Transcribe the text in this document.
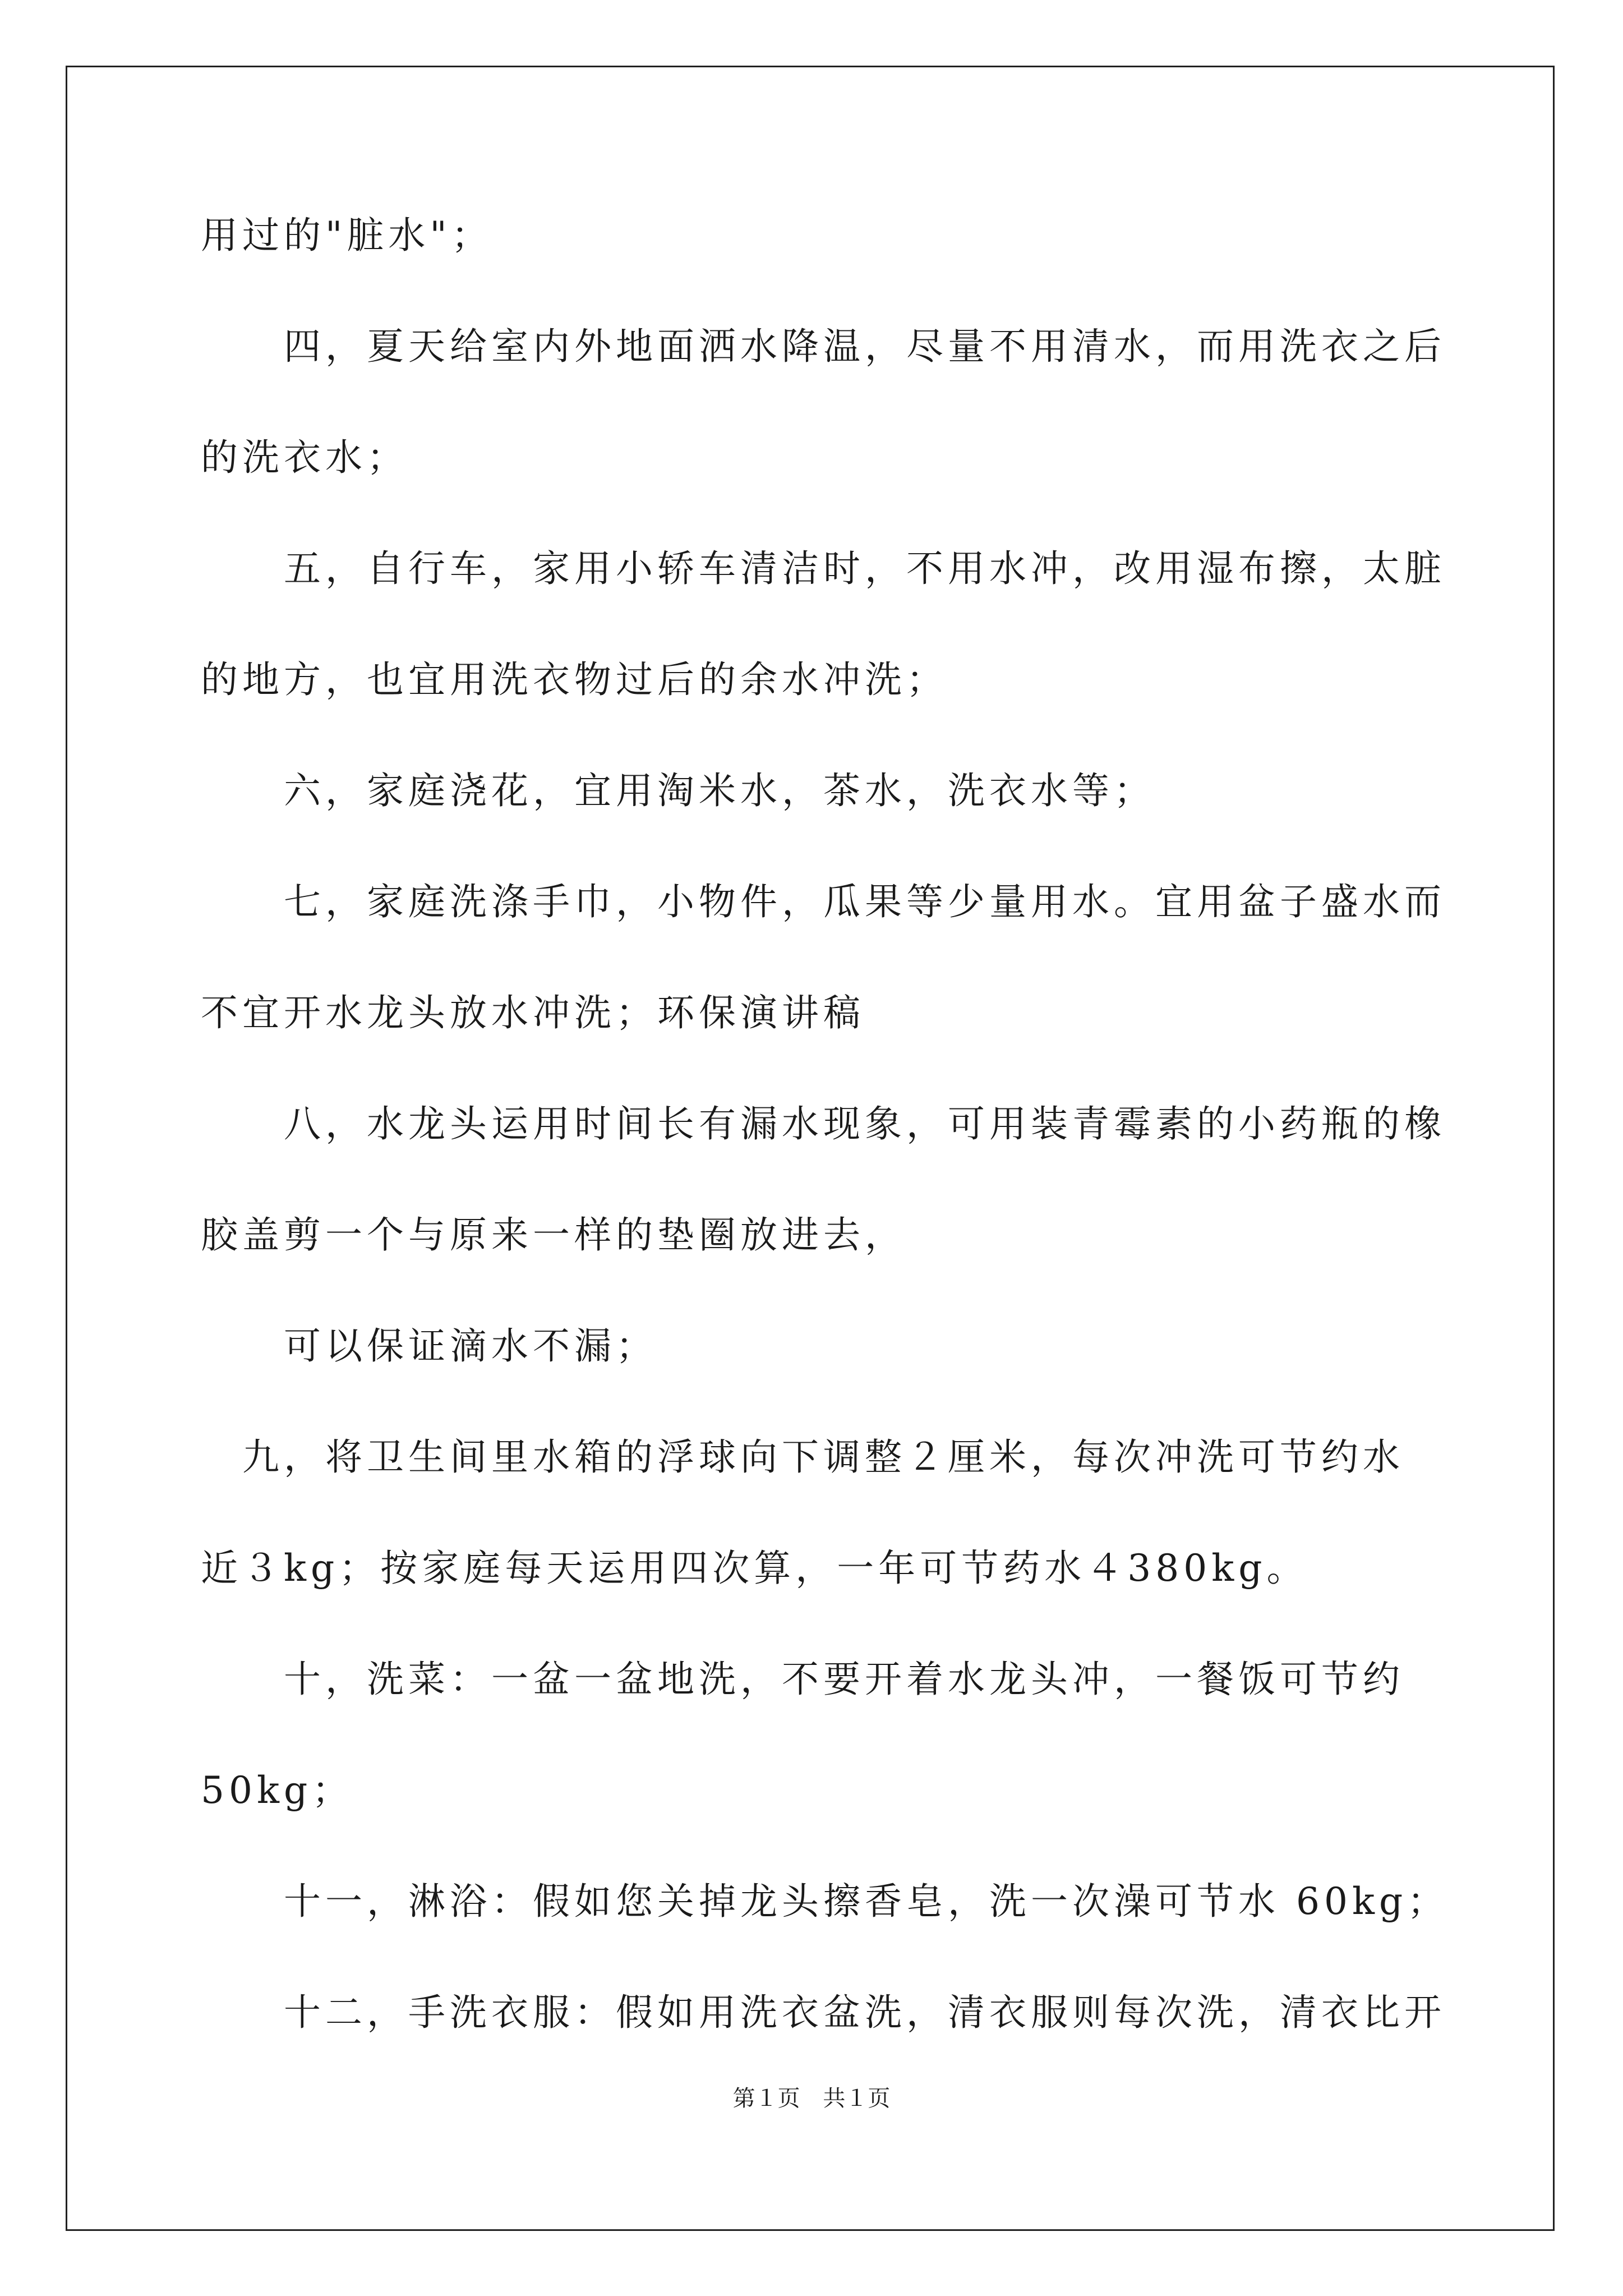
用过的"脏水"；
四，夏天给室内外地面洒水降温，尽量不用清水，而用洗衣之后
的洗衣水；
五，自行车，家用小轿车清洁时，不用水冲，改用湿布擦，太脏
的地方，也宜用洗衣物过后的余水冲洗；
六，家庭浇花，宜用淘米水，茶水，洗衣水等；
七，家庭洗涤手巾，小物件，瓜果等少量用水。宜用盆子盛水而
不宜开水龙头放水冲洗；环保演讲稿
八，水龙头运用时间长有漏水现象，可用装青霉素的小药瓶的橡
胶盖剪一个与原来一样的垫圈放进去，
可以保证滴水不漏；
九，将卫生间里水箱的浮球向下调整２厘米，每次冲洗可节约水
近３kg；按家庭每天运用四次算，一年可节药水４380kg。
十，洗菜：一盆一盆地洗，不要开着水龙头冲，一餐饭可节约
50kg；
十一，淋浴：假如您关掉龙头擦香皂，洗一次澡可节水 60kg；
十二，手洗衣服：假如用洗衣盆洗，清衣服则每次洗，清衣比开
第１页 共１页
